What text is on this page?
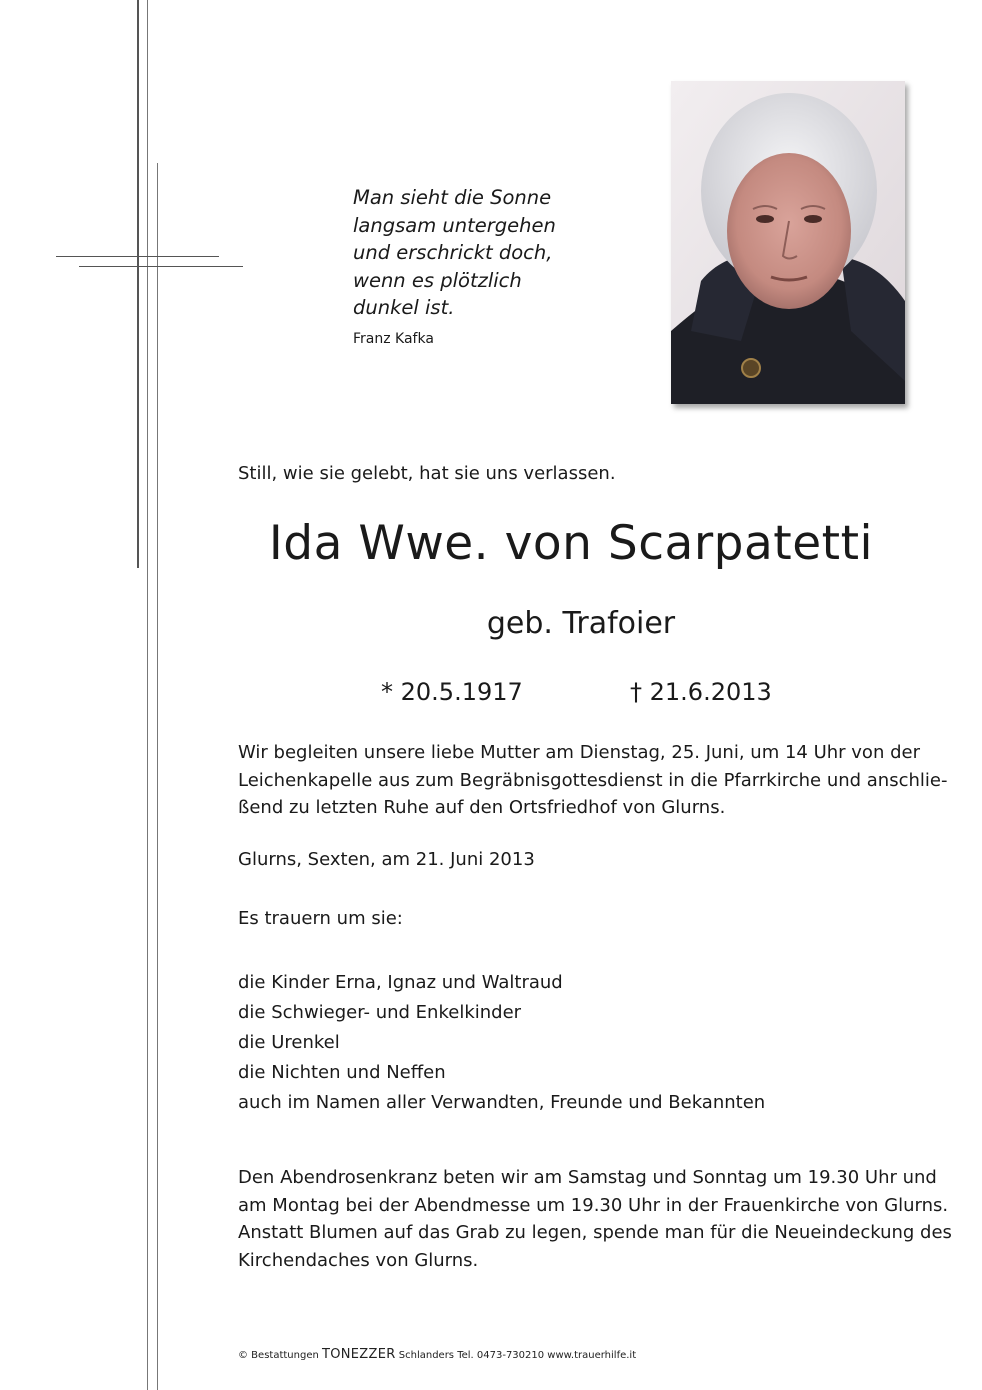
Man sieht die Sonne
langsam untergehen
und erschrickt doch,
wenn es plötzlich
dunkel ist.
Franz Kafka
Still, wie sie gelebt, hat sie uns verlassen.
Ida Wwe. von Scarpatetti
geb. Trafoier
* 20.5.1917	† 21.6.2013
Wir begleiten unsere liebe Mutter am Dienstag, 25. Juni, um 14 Uhr von der
Leichenkapelle aus zum Begräbnisgottesdienst in die Pfarrkirche und anschlie-
ßend zu letzten Ruhe auf den Ortsfriedhof von Glurns.
Glurns, Sexten, am 21. Juni 2013
Es trauern um sie:
die Kinder Erna, Ignaz und Waltraud
die Schwieger- und Enkelkinder
die Urenkel
die Nichten und Neffen
auch im Namen aller Verwandten, Freunde und Bekannten
Den Abendrosenkranz beten wir am Samstag und Sonntag um 19.30 Uhr und
am Montag bei der Abendmesse um 19.30 Uhr in der Frauenkirche von Glurns.
Anstatt Blumen auf das Grab zu legen, spende man für die Neueindeckung des
Kirchendaches von Glurns.
© Bestattungen TONEZZER Schlanders Tel. 0473-730210 www.trauerhilfe.it
